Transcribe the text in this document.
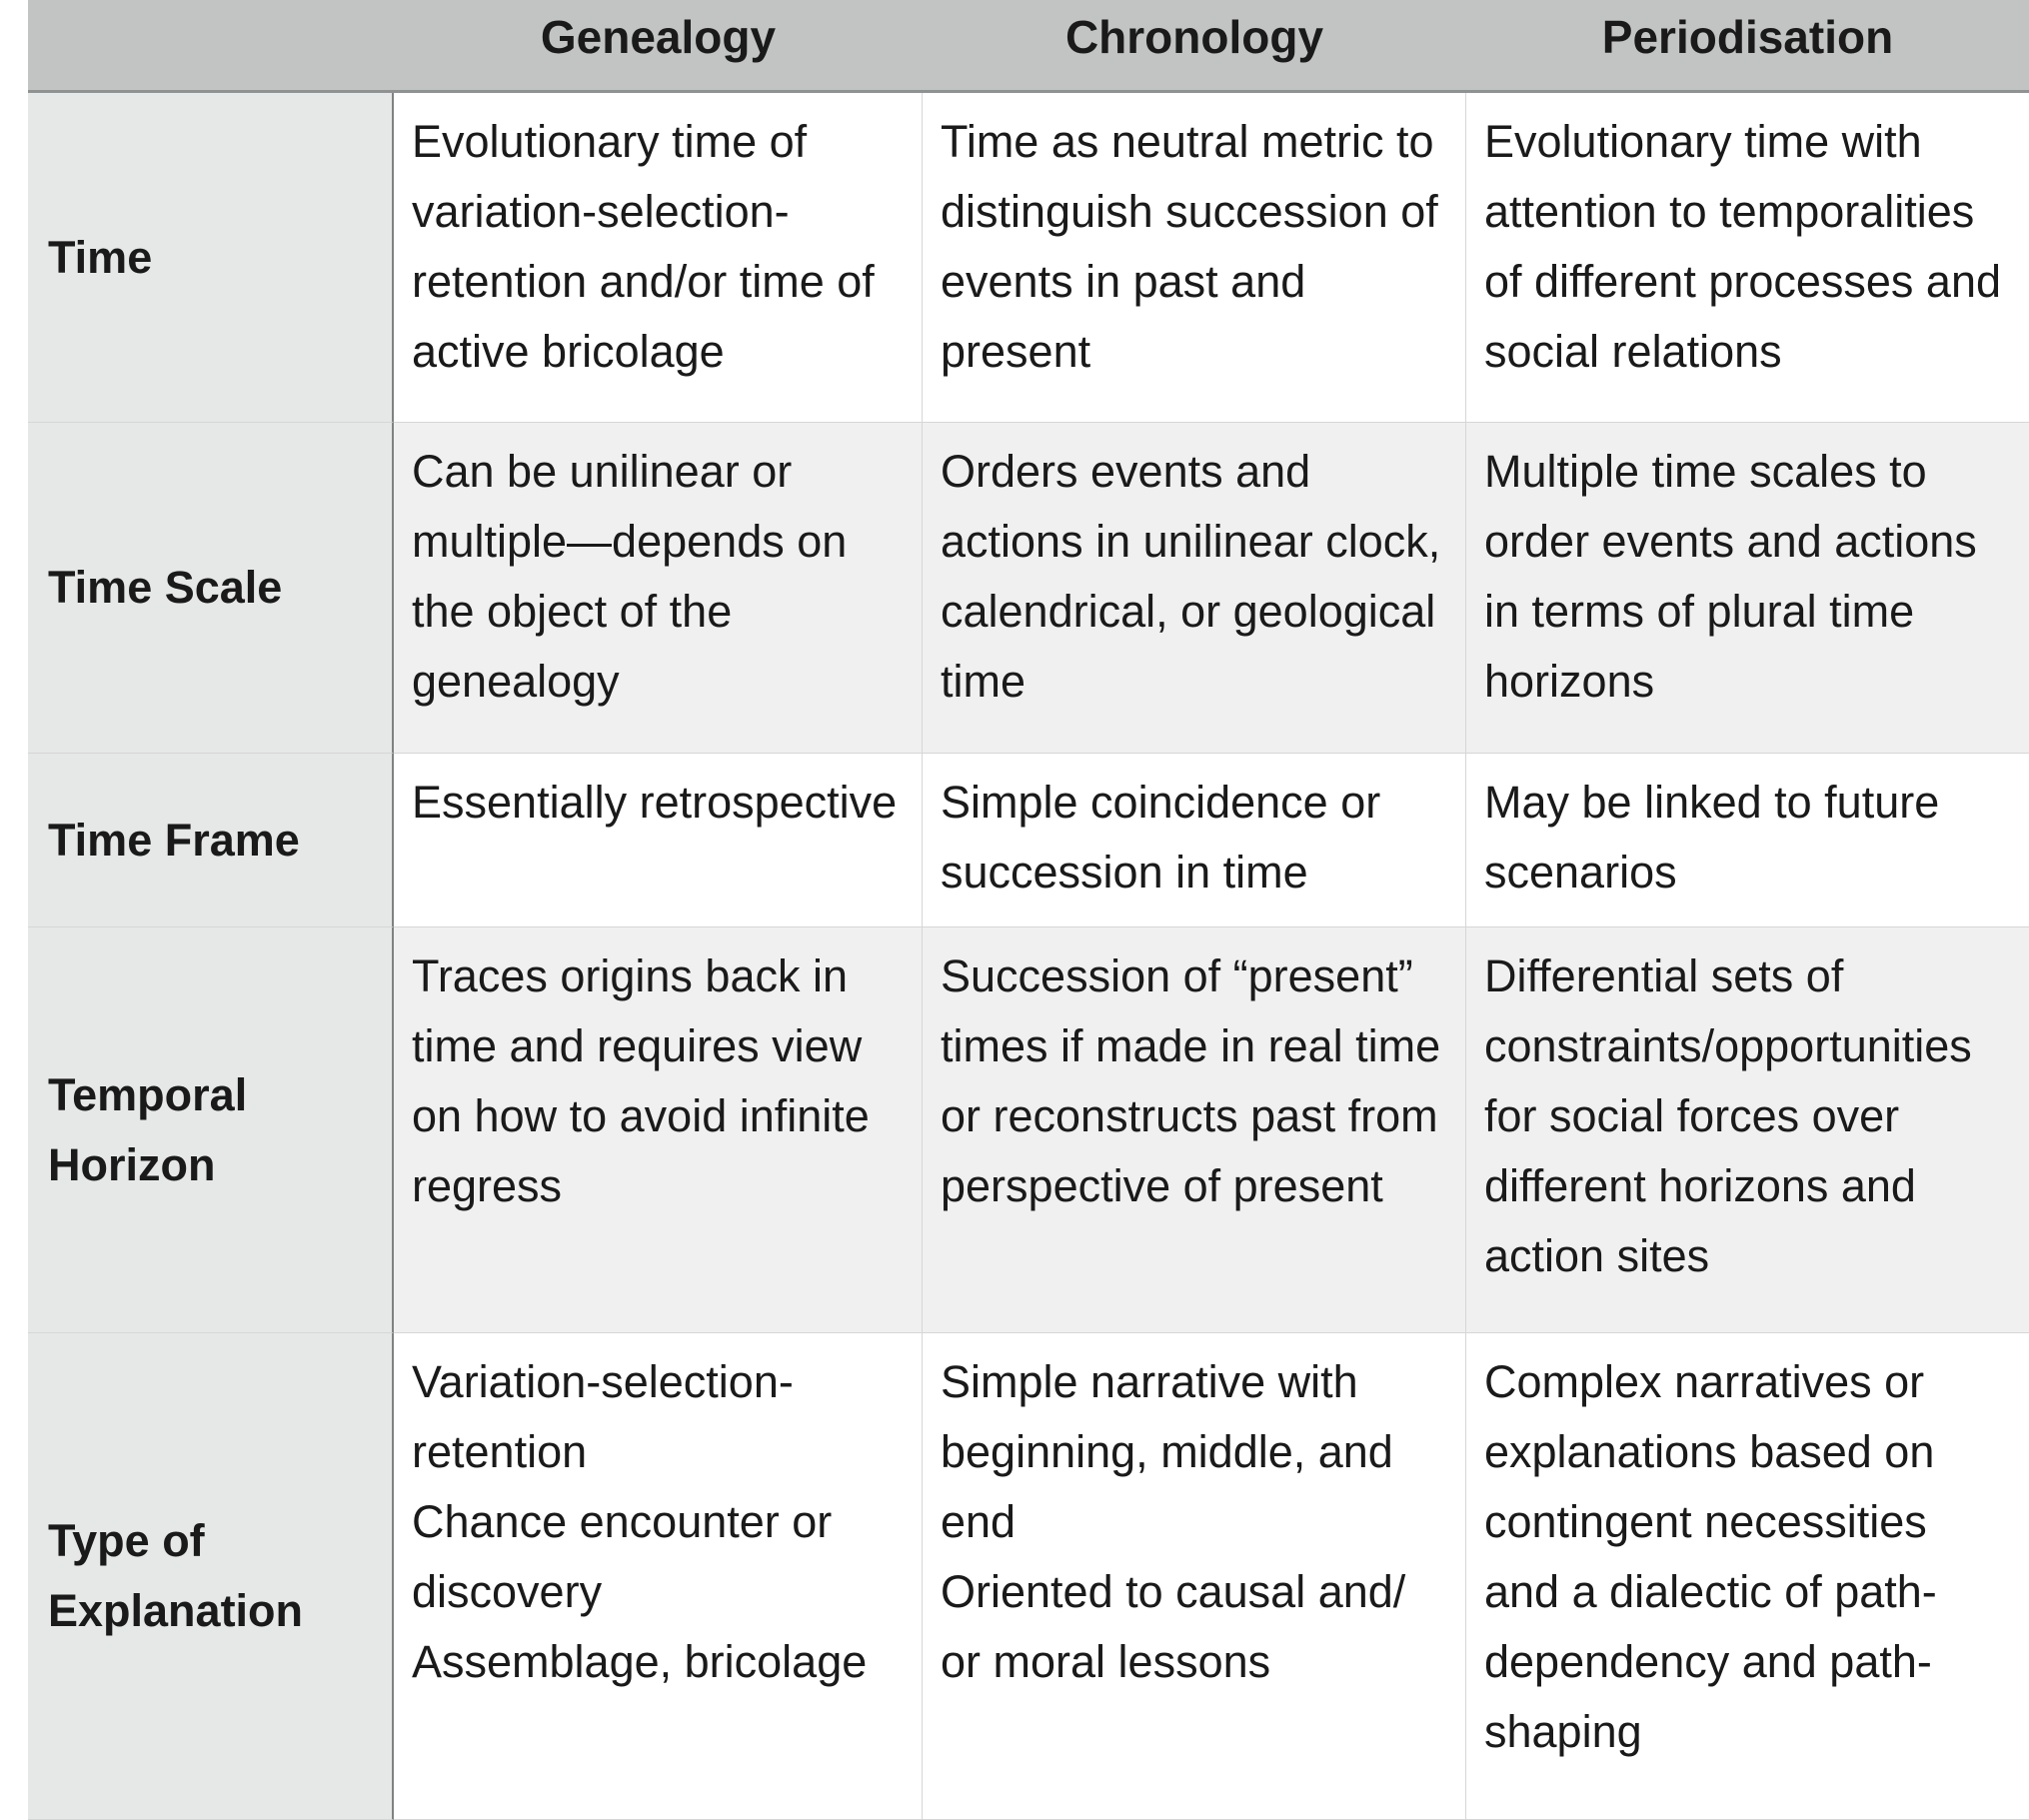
Genealogy	Chronology	Periodisation
Time
Evolutionary time of
variation-selection-
retention and/or time of
active bricolage
Time as neutral metric to
distinguish succession of
events in past and
present
Evolutionary time with
attention to temporalities
of different processes and
social relations
Time Scale
Can be unilinear or
multiple—depends on
the object of the
genealogy
Orders events and
actions in unilinear clock,
calendrical, or geological
time
Multiple time scales to
order events and actions
in terms of plural time
horizons
Time Frame
Essentially retrospective Simple coincidence or
succession in time
May be linked to future
scenarios
Temporal
Horizon
Traces origins back in
time and requires view
on how to avoid infinite
regress
Succession of “present”
times if made in real time
or reconstructs past from
perspective of present
Differential sets of
constraints/opportunities
for social forces over
different horizons and
action sites
Type of
Explanation
Variation-selection-
retention
Chance encounter or
discovery
Assemblage, bricolage
Simple narrative with
beginning, middle, and
end
Oriented to causal and/
or moral lessons
Complex narratives or
explanations based on
contingent necessities
and a dialectic of path-
dependency and path-
shaping
